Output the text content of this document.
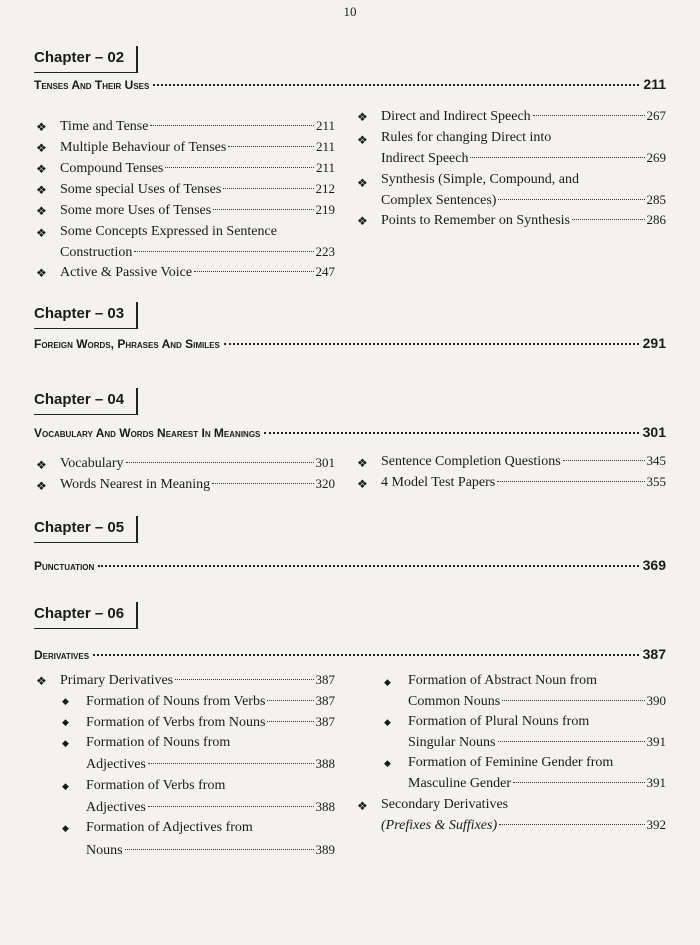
10
Chapter – 02
Tenses And Their Uses	211
❖ Time and Tense	211
❖ Multiple Behaviour of Tenses	211
❖ Compound Tenses	211
❖ Some special Uses of Tenses	212
❖ Some more Uses of Tenses	219
❖ Some Concepts Expressed in Sentence
Construction	223
❖ Active & Passive Voice	247
❖ Direct and Indirect Speech	267
❖ Rules for changing Direct into
Indirect Speech	269
❖ Synthesis (Simple, Compound, and
Complex Sentences)	285
❖ Points to Remember on Synthesis	286
Chapter – 03
Foreign Words, Phrases And Similes	291
Chapter – 04
Vocabulary And Words Nearest In Meanings	301
❖ Vocabulary	301
❖ Words Nearest in Meaning	320
❖ Sentence Completion Questions	345
❖ 4 Model Test Papers	355
Chapter – 05
Punctuation	369
Chapter – 06
Derivatives	387
❖ Primary Derivatives	387
◆ Formation of Nouns from Verbs	387
◆ Formation of Verbs from Nouns	387
◆ Formation of Nouns from
Adjectives	388
◆ Formation of Verbs from
Adjectives	388
◆ Formation of Adjectives from
Nouns	389
◆ Formation of Abstract Noun from
Common Nouns	390
◆ Formation of Plural Nouns from
Singular Nouns	391
◆ Formation of Feminine Gender from
Masculine Gender	391
❖ Secondary Derivatives
(Prefixes & Suffixes)	392
